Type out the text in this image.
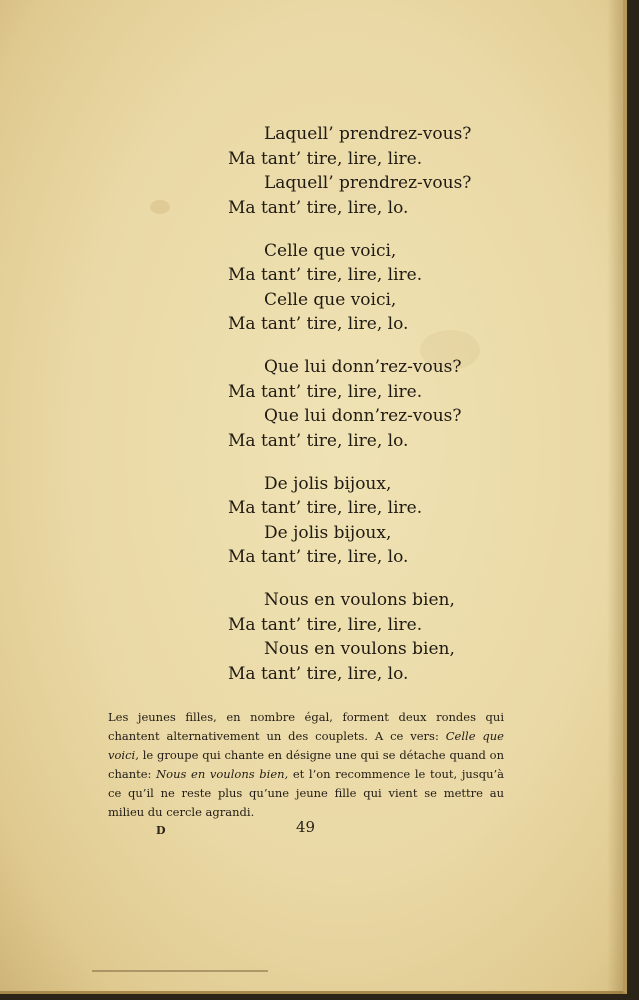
Laquell’ prendrez-vous?
Ma tant’ tire, lire, lire.
Laquell’ prendrez-vous?
Ma tant’ tire, lire, lo.
Celle que voici,
Ma tant’ tire, lire, lire.
Celle que voici,
Ma tant’ tire, lire, lo.
Que lui donn’rez-vous?
Ma tant’ tire, lire, lire.
Que lui donn’rez-vous?
Ma tant’ tire, lire, lo.
De jolis bijoux,
Ma tant’ tire, lire, lire.
De jolis bijoux,
Ma tant’ tire, lire, lo.
Nous en voulons bien,
Ma tant’ tire, lire, lire.
Nous en voulons bien,
Ma tant’ tire, lire, lo.
Les jeunes filles, en nombre égal, forment deux rondes qui chantent alternativement un des couplets. A ce vers: Celle que voici, le groupe qui chante en désigne une qui se détache quand on chante: Nous en voulons bien, et l’on recommence le tout, jusqu’à ce qu’il ne reste plus qu’une jeune fille qui vient se mettre au milieu du cercle agrandi.
D	49
